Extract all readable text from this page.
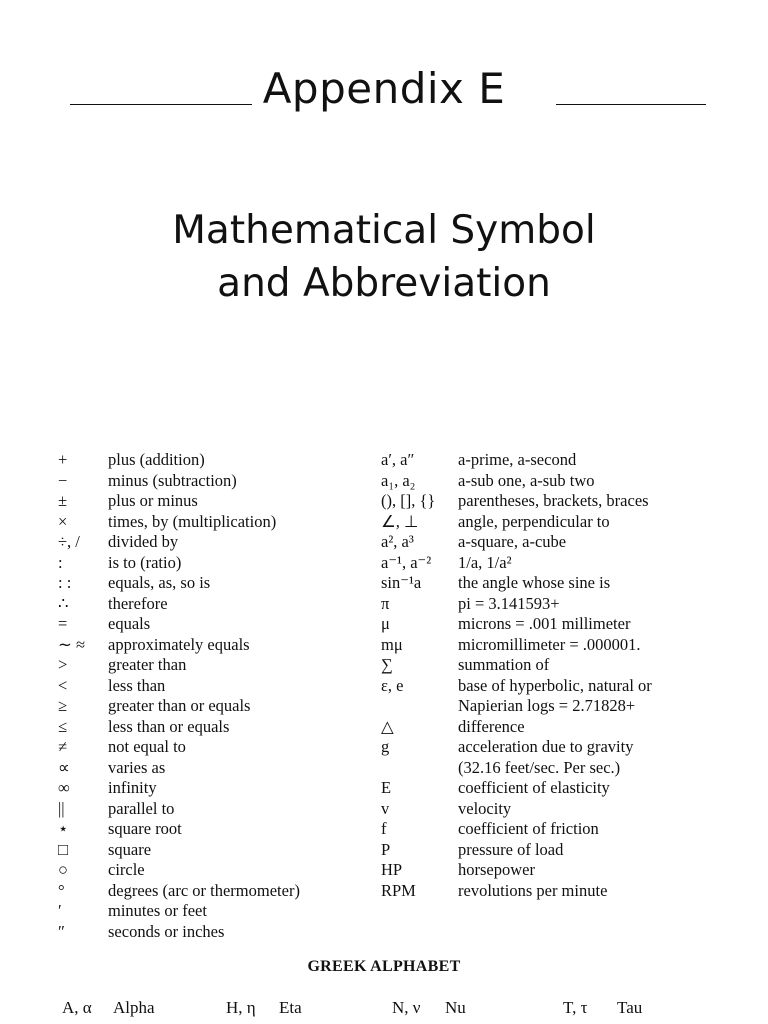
Appendix E
Mathematical Symbol
and Abbreviation
+	plus (addition)	a′, a″	a-prime, a-second
−	minus (subtraction)	a₁, a₂	a-sub one, a-sub two
±	plus or minus	(), [], {}	parentheses, brackets, braces
×	times, by (multiplication)	∠, ⊥	angle, perpendicular to
÷, /	divided by	a², a³	a-square, a-cube
:	is to (ratio)	a⁻¹, a⁻²	1/a, 1/a²
: :	equals, as, so is	sin⁻¹a	the angle whose sine is
∴	therefore	π	pi = 3.141593+
=	equals	μ	microns = .001 millimeter
∼ ≈	approximately equals	mμ	micromillimeter = .000001.
>	greater than	∑	summation of
<	less than	ε, e	base of hyperbolic, natural or
≥	greater than or equals	Napierian logs = 2.71828+
≤	less than or equals	△	difference
≠	not equal to	g	acceleration due to gravity
∝	varies as	(32.16 feet/sec. Per sec.)
∞	infinity	E	coefficient of elasticity
||	parallel to	v	velocity
⋆	square root	f	coefficient of friction
□	square	P	pressure of load
○	circle	HP	horsepower
°	degrees (arc or thermometer)	RPM	revolutions per minute
′	minutes or feet
″	seconds or inches
GREEK ALPHABET
A, α Alpha	H, η Eta	N, ν Nu	T, τ Tau
